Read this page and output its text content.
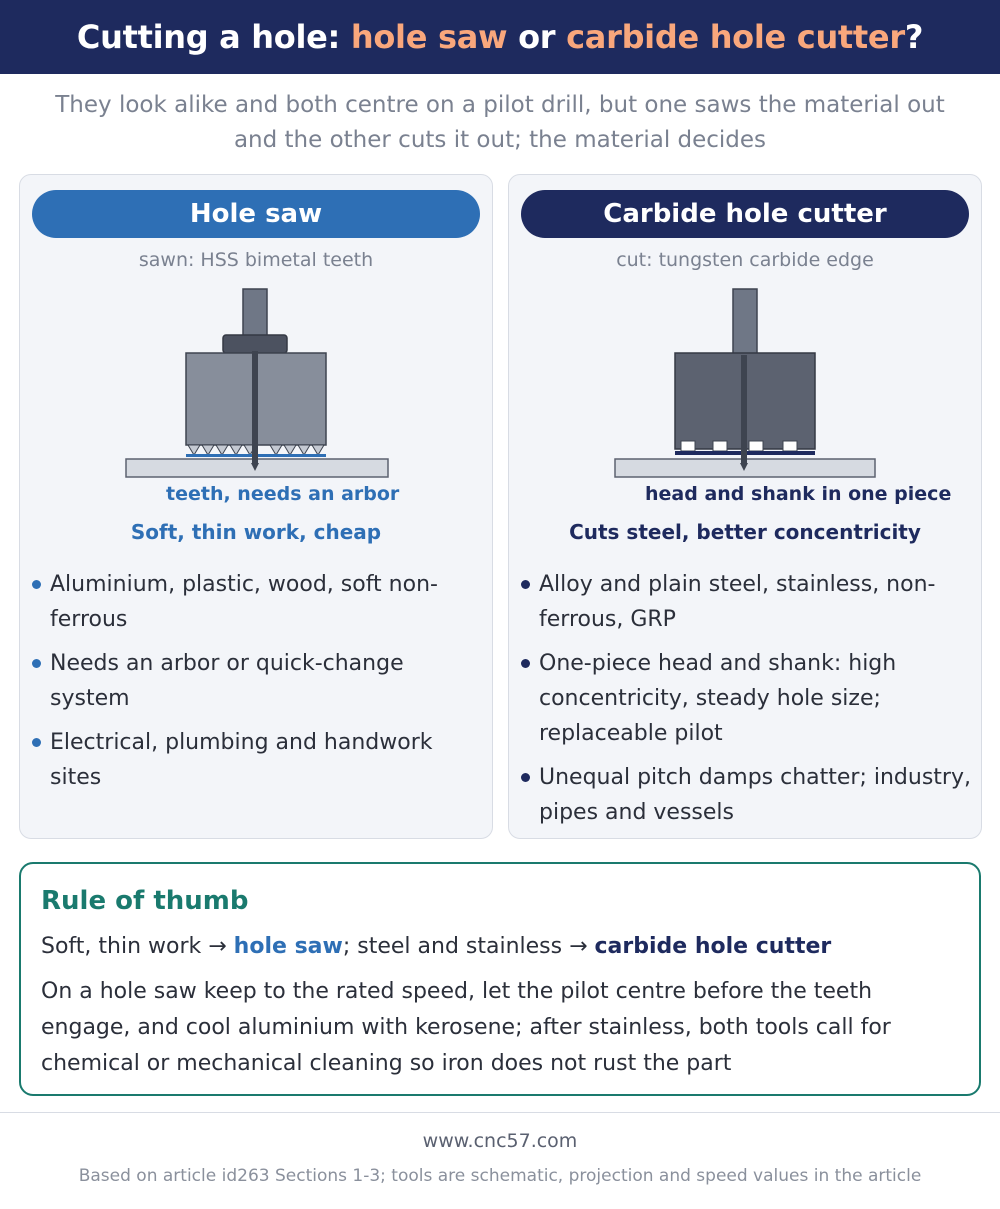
Cutting a hole: hole saw or carbide hole cutter?
They look alike and both centre on a pilot drill, but one saws the material out and the other cuts it out; the material decides
Hole saw
sawn: HSS bimetal teeth
teeth, needs an arbor
Soft, thin work, cheap
Aluminium, plastic, wood, soft non-ferrous
Needs an arbor or quick-change system
Electrical, plumbing and handwork sites
Carbide hole cutter
cut: tungsten carbide edge
head and shank in one piece
Cuts steel, better concentricity
Alloy and plain steel, stainless, non-ferrous, GRP
One-piece head and shank: high concentricity, steady hole size; replaceable pilot
Unequal pitch damps chatter; industry, pipes and vessels
Rule of thumb
Soft, thin work → hole saw; steel and stainless → carbide hole cutter
On a hole saw keep to the rated speed, let the pilot centre before the teeth engage, and cool aluminium with kerosene; after stainless, both tools call for chemical or mechanical cleaning so iron does not rust the part
www.cnc57.com
Based on article id263 Sections 1-3; tools are schematic, projection and speed values in the article
